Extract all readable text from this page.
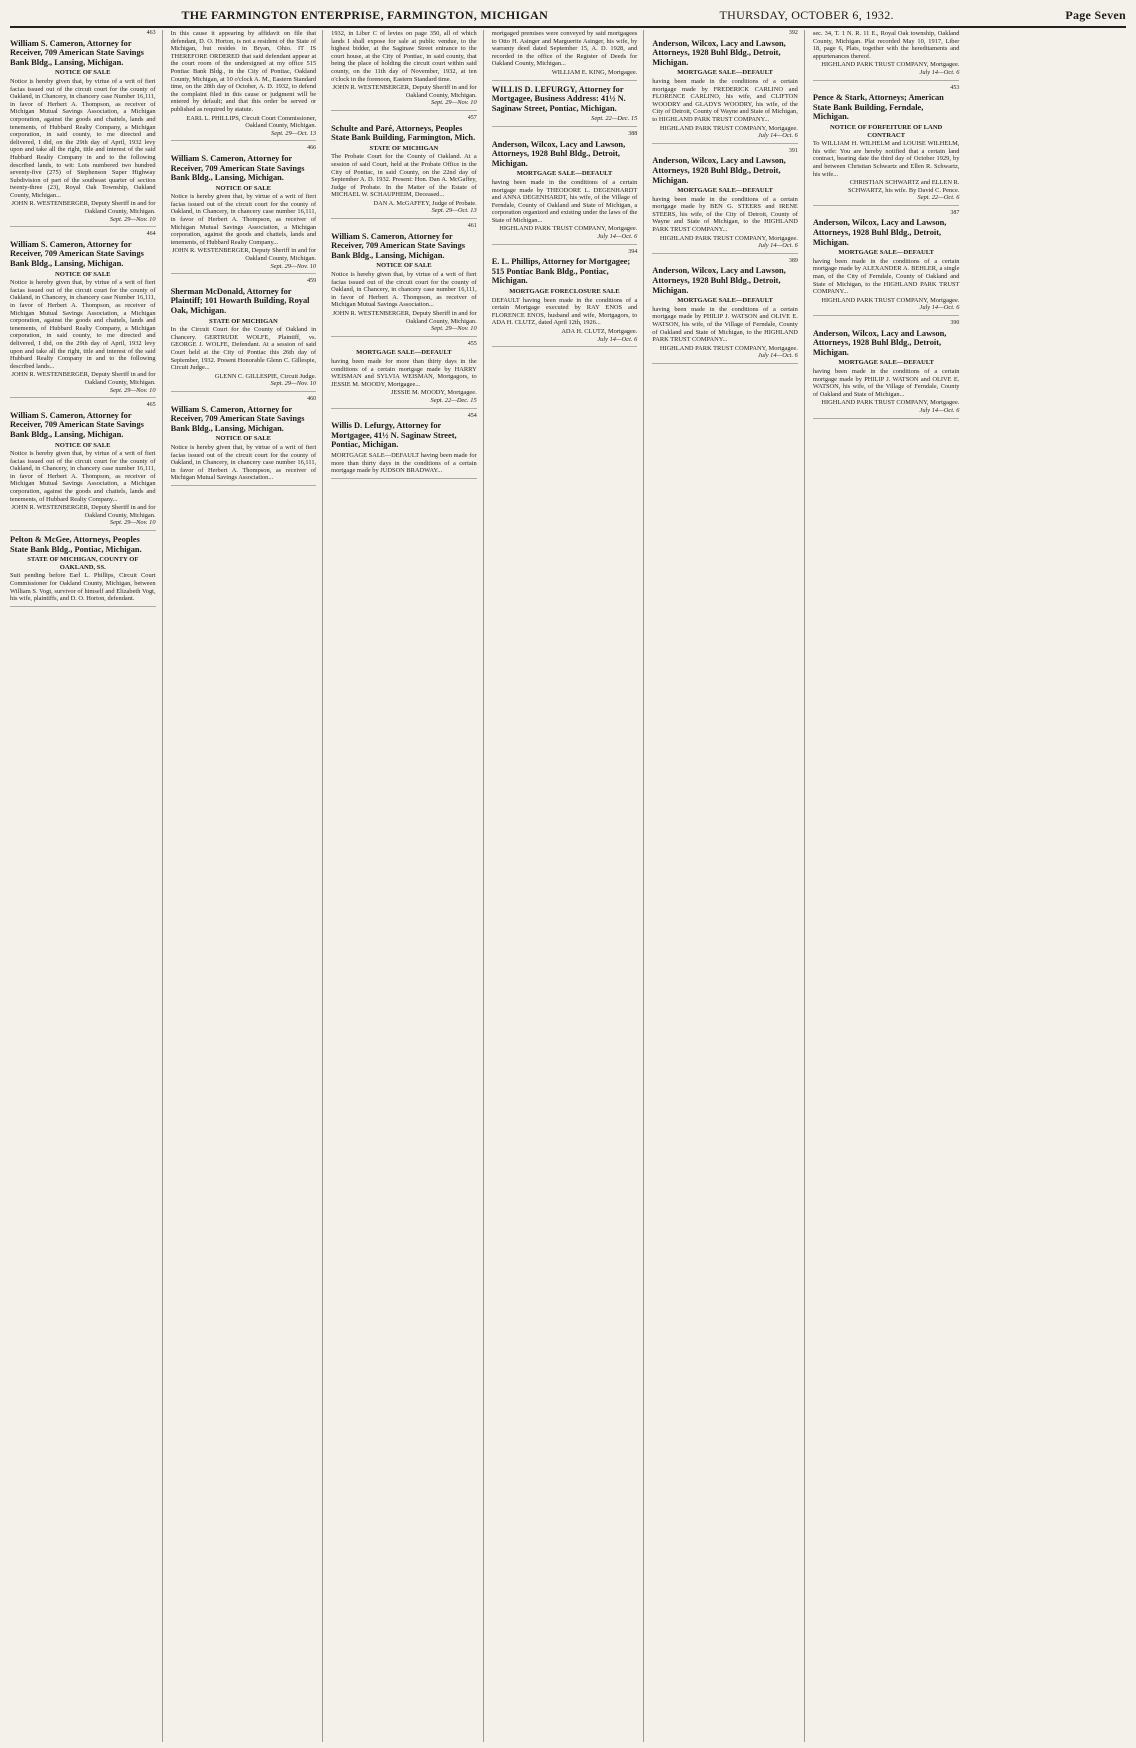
THE FARMINGTON ENTERPRISE, FARMINGTON, MICHIGAN	THURSDAY, OCTOBER 6, 1932.	Page Seven
463
William S. Cameron, Attorney for Receiver, 709 American State Savings Bank Bldg., Lansing, Michigan.
NOTICE OF SALE
Notice is hereby given that, by virtue of a writ of fieri facias issued out of the circuit court for the county of Oakland, in Chancery, in chancery case Number 16,111, in favor of Herbert A. Thompson, as receiver of Michigan Mutual Savings Association, a Michigan corporation, against the goods and chattels, lands and tenements, of Hubbard Realty Company, a Michigan corporation, in said county, to me directed and delivered, I did, on the 29th day of April, 1932 levy upon and take all the right, title and interest of the said Hubbard Realty Company in and to the following described lands, to wit: Lots numbered two hundred seventy-five (275) of Stephenson Super Highway Subdivision of part of the southeast quarter of section twenty-three (23), Royal Oak Township, Oakland County, Michigan...
JOHN R. WESTENBERGER, Deputy Sheriff in and for Oakland County, Michigan.
Sept. 29—Nov. 10
464
William S. Cameron, Attorney for Receiver, 709 American State Savings Bank Bldg., Lansing, Michigan.
NOTICE OF SALE
Notice is hereby given that, by virtue of a writ of fieri facias issued out of the circuit court for the county of Oakland, in Chancery, in chancery case Number 16,111, in favor of Herbert A. Thompson, as receiver of Michigan Mutual Savings Association, a Michigan corporation, against the goods and chattels, lands and tenements, of Hubbard Realty Company, a Michigan corporation, in said county, to me directed and delivered, I did, on the 29th day of April, 1932 levy upon and take all the right, title and interest of the said Hubbard Realty Company in and to the following described lands...
JOHN R. WESTENBERGER, Deputy Sheriff in and for Oakland County, Michigan.
Sept. 29—Nov. 10
465
William S. Cameron, Attorney for Receiver, 709 American State Savings Bank Bldg., Lansing, Michigan.
NOTICE OF SALE
Notice is hereby given that, by virtue of a writ of fieri facias issued out of the circuit court for the county of Oakland, in Chancery, in chancery case number 16,111, in favor of Herbert A. Thompson, as receiver of Michigan Mutual Savings Association, a Michigan corporation, against the goods and chattels, lands and tenements, of Hubbard Realty Company...
JOHN R. WESTENBERGER, Deputy Sheriff in and for Oakland County, Michigan.
Sept. 29—Nov. 10
Pelton & McGee, Attorneys, Peoples State Bank Bldg., Pontiac, Michigan.
STATE OF MICHIGAN, COUNTY OF OAKLAND, SS.
Suit pending before Earl L. Phillips, Circuit Court Commissioner for Oakland County, Michigan, between William S. Vogt, survivor of himself and Elizabeth Vogt, his wife, plaintiffs, and D. O. Horton, defendant.
In this cause it appearing by affidavit on file that defendant, D. O. Horton, is not a resident of the State of Michigan, but resides in Bryan, Ohio. IT IS THEREFORE ORDERED that said defendant appear at the court room of the undersigned at my office 515 Pontiac Bank Bldg., in the City of Pontiac, Oakland County, Michigan, at 10 o'clock A. M., Eastern Standard time, on the 28th day of October, A. D. 1932, to defend the complaint filed in this cause or judgment will be entered by default; and that this order be served or published as required by statute.
EARL L. PHILLIPS, Circuit Court Commissioner, Oakland County, Michigan.
Sept. 29—Oct. 13
466
William S. Cameron, Attorney for Receiver, 709 American State Savings Bank Bldg., Lansing, Michigan.
NOTICE OF SALE
Notice is hereby given that, by virtue of a writ of fieri facias issued out of the circuit court for the county of Oakland, in Chancery, in chancery case number 16,111, in favor of Herbert A. Thompson, as receiver of Michigan Mutual Savings Association, a Michigan corporation, against the goods and chattels, lands and tenements, of Hubbard Realty Company...
JOHN R. WESTENBERGER, Deputy Sheriff in and for Oakland County, Michigan.
Sept. 29—Nov. 10
459
Sherman McDonald, Attorney for Plaintiff; 101 Howarth Building, Royal Oak, Michigan.
STATE OF MICHIGAN
In the Circuit Court for the County of Oakland in Chancery. GERTRUDE WOLFE, Plaintiff, vs. GEORGE J. WOLFE, Defendant. At a session of said Court held at the City of Pontiac this 26th day of September, 1932. Present Honorable Glenn C. Gillespie, Circuit Judge...
GLENN C. GILLESPIE, Circuit Judge.
Sept. 29—Nov. 10
460
William S. Cameron, Attorney for Receiver, 709 American State Savings Bank Bldg., Lansing, Michigan.
NOTICE OF SALE
Notice is hereby given that, by virtue of a writ of fieri facias issued out of the circuit court for the county of Oakland, in Chancery, in chancery case number 16,111, in favor of Herbert A. Thompson, as receiver of Michigan Mutual Savings Association...
1932, in Liber C of levies on page 350, all of which lands I shall expose for sale at public vendue, to the highest bidder, at the Saginaw Street entrance to the court house, at the City of Pontiac, in said county, that being the place of holding the circuit court within said county, on the 11th day of November, 1932, at ten o'clock in the forenoon, Eastern Standard time.
JOHN R. WESTENBERGER, Deputy Sheriff in and for Oakland County, Michigan.
Sept. 29—Nov. 10
457
Schulte and Paré, Attorneys, Peoples State Bank Building, Farmington, Mich.
STATE OF MICHIGAN
The Probate Court for the County of Oakland. At a session of said Court, held at the Probate Office in the City of Pontiac, in said County, on the 22nd day of September A. D. 1932. Present: Hon. Dan A. McGaffey, Judge of Probate. In the Matter of the Estate of MICHAEL W. SCHAUPHEIM, Deceased...
DAN A. McGAFFEY, Judge of Probate.
Sept. 29—Oct. 13
461
William S. Cameron, Attorney for Receiver, 709 American State Savings Bank Bldg., Lansing, Michigan.
NOTICE OF SALE
Notice is hereby given that, by virtue of a writ of fieri facias issued out of the circuit court for the county of Oakland, in Chancery, in chancery case number 16,111, in favor of Herbert A. Thompson, as receiver of Michigan Mutual Savings Association...
JOHN R. WESTENBERGER, Deputy Sheriff in and for Oakland County, Michigan.
Sept. 29—Nov. 10
455
MORTGAGE SALE—DEFAULT
having been made for more than thirty days in the conditions of a certain mortgage made by HARRY WEISMAN and SYLVIA WEISMAN, Mortgagors, to JESSIE M. MOODY, Mortgagee...
JESSIE M. MOODY, Mortgagee.
Sept. 22—Dec. 15
454
Willis D. Lefurgy, Attorney for Mortgagee, 41½ N. Saginaw Street, Pontiac, Michigan.
MORTGAGE SALE—DEFAULT having been made for more than thirty days in the conditions of a certain mortgage made by JUDSON BRADWAY...
mortgaged premises were conveyed by said mortgagees to Otto H. Asinger and Marguerite Asinger, his wife, by warranty deed dated September 15, A. D. 1928, and recorded in the office of the Register of Deeds for Oakland County, Michigan...
WILLIAM E. KING, Mortgagee.
WILLIS D. LEFURGY, Attorney for Mortgagee, Business Address: 41½ N. Saginaw Street, Pontiac, Michigan.
Sept. 22—Dec. 15
388
Anderson, Wilcox, Lacy and Lawson, Attorneys, 1928 Buhl Bldg., Detroit, Michigan.
MORTGAGE SALE—DEFAULT
having been made in the conditions of a certain mortgage made by THEODORE L. DEGENHARDT and ANNA DEGENHARDT, his wife, of the Village of Ferndale, County of Oakland and State of Michigan, a corporation organized and existing under the laws of the State of Michigan...
HIGHLAND PARK TRUST COMPANY, Mortgagee.
July 14—Oct. 6
394
E. L. Phillips, Attorney for Mortgagee; 515 Pontiac Bank Bldg., Pontiac, Michigan.
MORTGAGE FORECLOSURE SALE
DEFAULT having been made in the conditions of a certain Mortgage executed by RAY ENOS and FLORENCE ENOS, husband and wife, Mortgagors, to ADA H. CLUTZ, dated April 12th, 1926...
ADA H. CLUTZ, Mortgagee.
July 14—Oct. 6
392
Anderson, Wilcox, Lacy and Lawson, Attorneys, 1928 Buhl Bldg., Detroit, Michigan.
MORTGAGE SALE—DEFAULT
having been made in the conditions of a certain mortgage made by FREDERICK CARLINO and FLORENCE CARLINO, his wife, and CLIFTON WOODRY and GLADYS WOODRY, his wife, of the City of Detroit, County of Wayne and State of Michigan, to HIGHLAND PARK TRUST COMPANY...
HIGHLAND PARK TRUST COMPANY, Mortgagee.
July 14—Oct. 6
391
Anderson, Wilcox, Lacy and Lawson, Attorneys, 1928 Buhl Bldg., Detroit, Michigan.
MORTGAGE SALE—DEFAULT
having been made in the conditions of a certain mortgage made by BEN G. STEERS and IRENE STEERS, his wife, of the City of Detroit, County of Wayne and State of Michigan, to the HIGHLAND PARK TRUST COMPANY...
HIGHLAND PARK TRUST COMPANY, Mortgagee.
July 14—Oct. 6
389
Anderson, Wilcox, Lacy and Lawson, Attorneys, 1928 Buhl Bldg., Detroit, Michigan.
MORTGAGE SALE—DEFAULT
having been made in the conditions of a certain mortgage made by PHILIP J. WATSON and OLIVE E. WATSON, his wife, of the Village of Ferndale, County of Oakland and State of Michigan, to the HIGHLAND PARK TRUST COMPANY...
HIGHLAND PARK TRUST COMPANY, Mortgagee.
July 14—Oct. 6
sec. 34, T. 1 N. R. 11 E., Royal Oak township, Oakland County, Michigan. Plat recorded May 10, 1917, Liber 18, page 6, Plats, together with the hereditaments and appurtenances thereof.
HIGHLAND PARK TRUST COMPANY, Mortgagee.
July 14—Oct. 6
453
Pence & Stark, Attorneys; American State Bank Building, Ferndale, Michigan.
NOTICE OF FORFEITURE OF LAND CONTRACT
To WILLIAM H. WILHELM and LOUISE WILHELM, his wife: You are hereby notified that a certain land contract, bearing date the third day of October 1929, by and between Christian Schwartz and Ellen R. Schwartz, his wife...
CHRISTIAN SCHWARTZ and ELLEN R. SCHWARTZ, his wife. By David C. Pence.
Sept. 22—Oct. 6
387
Anderson, Wilcox, Lacy and Lawson, Attorneys, 1928 Buhl Bldg., Detroit, Michigan.
MORTGAGE SALE—DEFAULT
having been made in the conditions of a certain mortgage made by ALEXANDER A. BEHLER, a single man, of the City of Ferndale, County of Oakland and State of Michigan, to the HIGHLAND PARK TRUST COMPANY...
HIGHLAND PARK TRUST COMPANY, Mortgagee.
July 14—Oct. 6
390
Anderson, Wilcox, Lacy and Lawson, Attorneys, 1928 Buhl Bldg., Detroit, Michigan.
MORTGAGE SALE—DEFAULT
having been made in the conditions of a certain mortgage made by PHILIP J. WATSON and OLIVE E. WATSON, his wife, of the Village of Ferndale, County of Oakland and State of Michigan...
HIGHLAND PARK TRUST COMPANY, Mortgagee.
July 14—Oct. 6
